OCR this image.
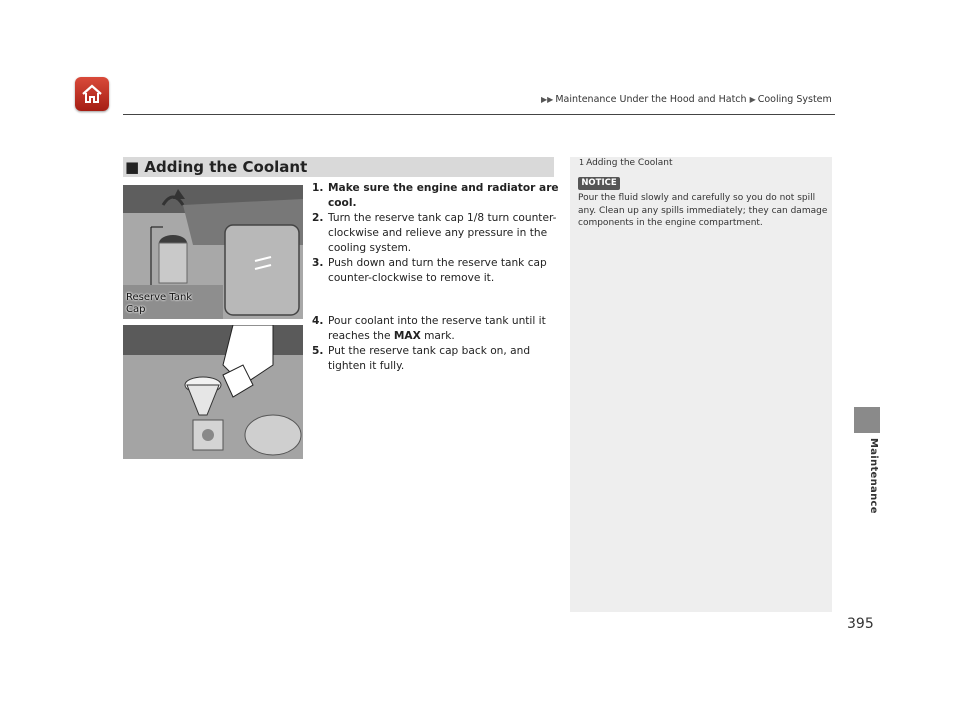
▶▶ Maintenance Under the Hood and Hatch ▶ Cooling System
Maintenance
■ Adding the Coolant
Reserve Tank Cap

1. Make sure the engine and radiator are cool.

2. Turn the reserve tank cap 1/8 turn counter-clockwise and relieve any pressure in the cooling system.

3. Push down and turn the reserve tank cap counter-clockwise to remove it.

4. Pour coolant into the reserve tank until it reaches the MAX mark.

5. Put the reserve tank cap back on, and tighten it fully.

1 Adding the Coolant
NOTICE
Pour the fluid slowly and carefully so you do not spill any. Clean up any spills immediately; they can damage components in the engine compartment.
395
